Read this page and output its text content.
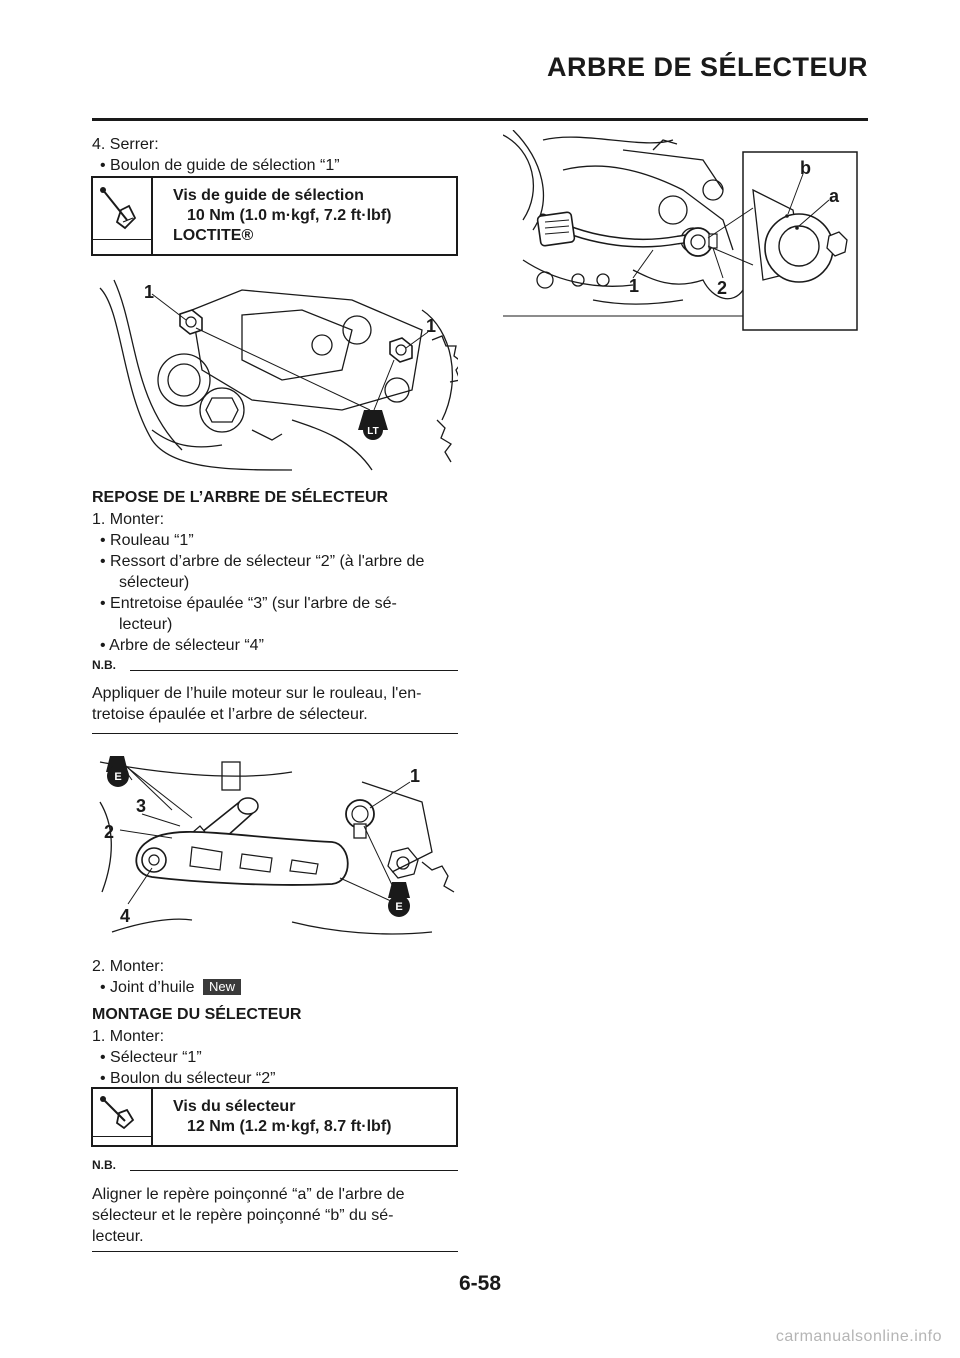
ARBRE DE SÉLECTEUR
4. Serrer:
• Boulon de guide de sélection “1”
Vis de guide de sélection
10 Nm (1.0 m·kgf, 7.2 ft·lbf)
LOCTITE®
LT
1
1
REPOSE DE L’ARBRE DE SÉLECTEUR
1. Monter:
• Rouleau “1”
• Ressort d’arbre de sélecteur “2” (à l'arbre de
sélecteur)
• Entretoise épaulée “3” (sur l'arbre de sé-
lecteur)
• Arbre de sélecteur “4”
N.B.
Appliquer de l’huile moteur sur le rouleau, l'en-
tretoise épaulée et l’arbre de sélecteur.
E
E
1
2
3
4
2. Monter:
• Joint d’huile New
MONTAGE DU SÉLECTEUR
1. Monter:
• Sélecteur “1”
• Boulon du sélecteur “2”
Vis du sélecteur
12 Nm (1.2 m·kgf, 8.7 ft·lbf)
N.B.
Aligner le repère poinçonné “a” de l'arbre de
sélecteur et le repère poinçonné “b” du sé-
lecteur.
b
a
1	2
6-58
carmanualsonline.info
